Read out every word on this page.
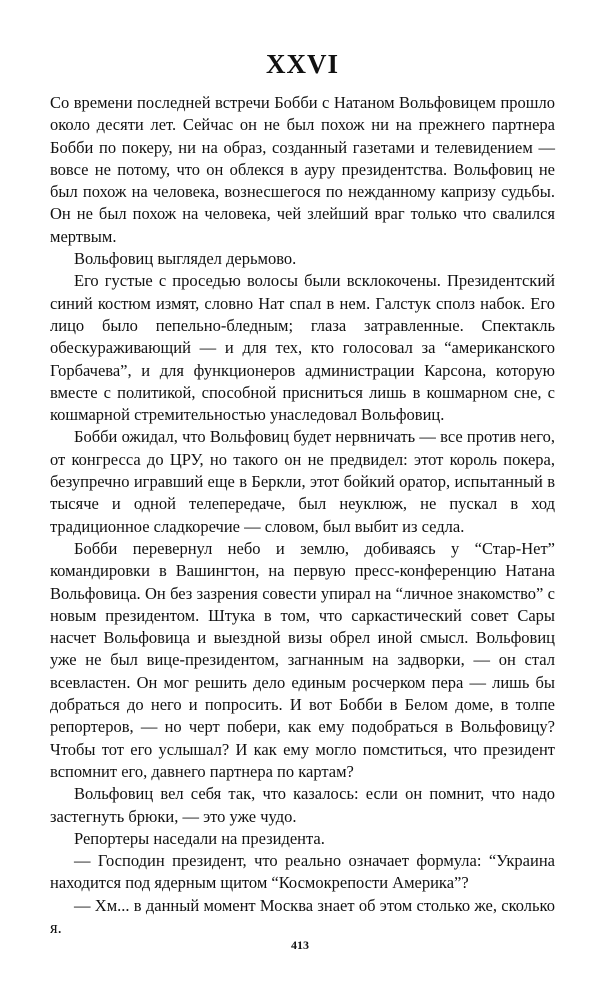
XXVI

Со времени последней встречи Бобби с Натаном Вольфовицем прошло около десяти лет. Сейчас он не был похож ни на прежнего партнера Бобби по покеру, ни на образ, созданный газетами и телевидением — вовсе не потому, что он облекся в ауру президентства. Вольфовиц не был похож на человека, вознесшегося по нежданному капризу судьбы. Он не был похож на человека, чей злейший враг только что свалился мертвым.

Вольфовиц выглядел дерьмово.

Его густые с проседью волосы были всклокочены. Президентский синий костюм измят, словно Нат спал в нем. Галстук сполз набок. Его лицо было пепельно-бледным; глаза затравленные. Спектакль обескураживающий — и для тех, кто голосовал за “американского Горбачева”, и для функционеров администрации Карсона, которую вместе с политикой, способной присниться лишь в кошмарном сне, с кошмарной стремительностью унаследовал Вольфовиц.

Бобби ожидал, что Вольфовиц будет нервничать — все против него, от конгресса до ЦРУ, но такого он не предвидел: этот король покера, безупречно игравший еще в Беркли, этот бойкий оратор, испытанный в тысяче и одной телепередаче, был неуклюж, не пускал в ход традиционное сладкоречие — словом, был выбит из седла.

Бобби перевернул небо и землю, добиваясь у “Стар-Нет” командировки в Вашингтон, на первую пресс-конференцию Натана Вольфовица. Он без зазрения совести упирал на “личное знакомство” с новым президентом. Штука в том, что саркастический совет Сары насчет Вольфовица и выездной визы обрел иной смысл. Вольфовиц уже не был вице-президентом, загнанным на задворки, — он стал всевластен. Он мог решить дело единым росчерком пера — лишь бы добраться до него и попросить. И вот Бобби в Белом доме, в толпе репортеров, — но черт побери, как ему подобраться в Вольфовицу? Чтобы тот его услышал? И как ему могло помститься, что президент вспомнит его, давнего партнера по картам?

Вольфовиц вел себя так, что казалось: если он помнит, что надо застегнуть брюки, — это уже чудо.

Репортеры наседали на президента.

— Господин президент, что реально означает формула: “Украина находится под ядерным щитом “Космокрепости Америка”?

— Хм... в данный момент Москва знает об этом столько же, сколько я.

413
